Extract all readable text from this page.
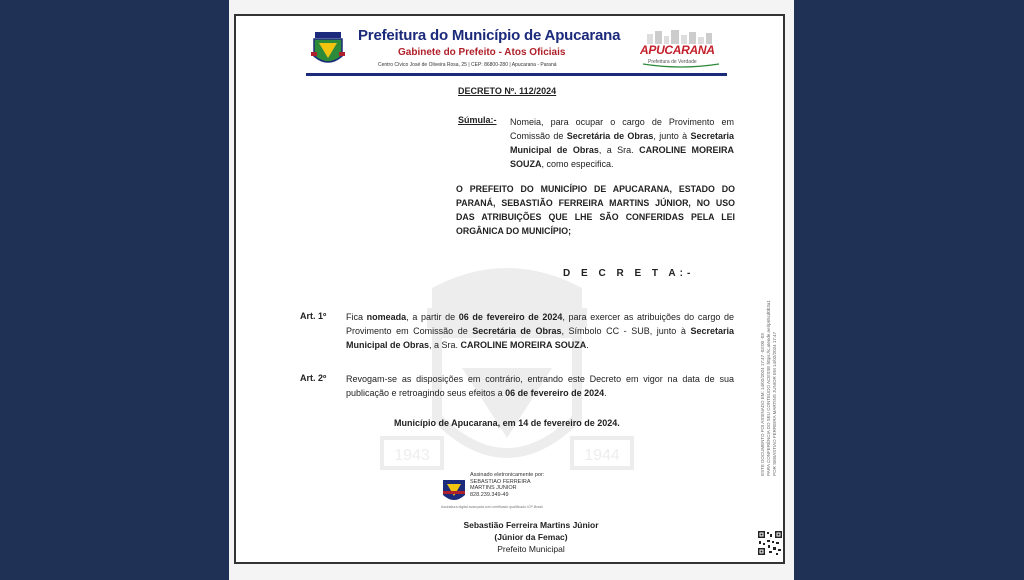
1943	1944
Prefeitura do Município de Apucarana
Gabinete do Prefeito - Atos Oficiais
Centro Cívico José de Oliveira Rosa, 25 | CEP: 86800-280 | Apucarana - Paraná
APUCARANA
Prefeitura de Verdade
DECRETO Nº. 112/2024
Súmula:- Nomeia, para ocupar o cargo de Provimento em Comissão de Secretária de Obras, junto à Secretaria Municipal de Obras, a Sra. CAROLINE MOREIRA SOUZA, como especifica.
O PREFEITO DO MUNICÍPIO DE APUCARANA, ESTADO DO PARANÁ, SEBASTIÃO FERREIRA MARTINS JÚNIOR, NO USO DAS ATRIBUIÇÕES QUE LHE SÃO CONFERIDAS PELA LEI ORGÂNICA DO MUNICÍPIO;
D E C R E T A:-
Art. 1º Fica nomeada, a partir de 06 de fevereiro de 2024, para exercer as atribuições do cargo de Provimento em Comissão de Secretária de Obras, Símbolo CC - SUB, junto à Secretaria Municipal de Obras, a Sra. CAROLINE MOREIRA SOUZA.
Art. 2º Revogam-se as disposições em contrário, entrando este Decreto em vigor na data de sua publicação e retroagindo seus efeitos a 06 de fevereiro de 2024.
Município de Apucarana, em 14 de fevereiro de 2024.
Assinado eletronicamente por:
SEBASTIAO FERREIRA
MARTINS JUNIOR
828.239.349-49
Assinatura digital avançada com certificado qualificado ICP-Brasil
Sebastião Ferreira Martins Júnior
(Júnior da Femac)
Prefeito Municipal
ESTE DOCUMENTO FOI ASSINADO EM: 14/02/2024 17:47 -03:00 -03 PARA CONFERÊNCIA DO SEU CONTEÚDO ACESSE https://c.atende.net/p65cd0b3a1 POR SEBASTIAO FERREIRA MARTINS JUNIOR EM 14/02/2024 17:47
